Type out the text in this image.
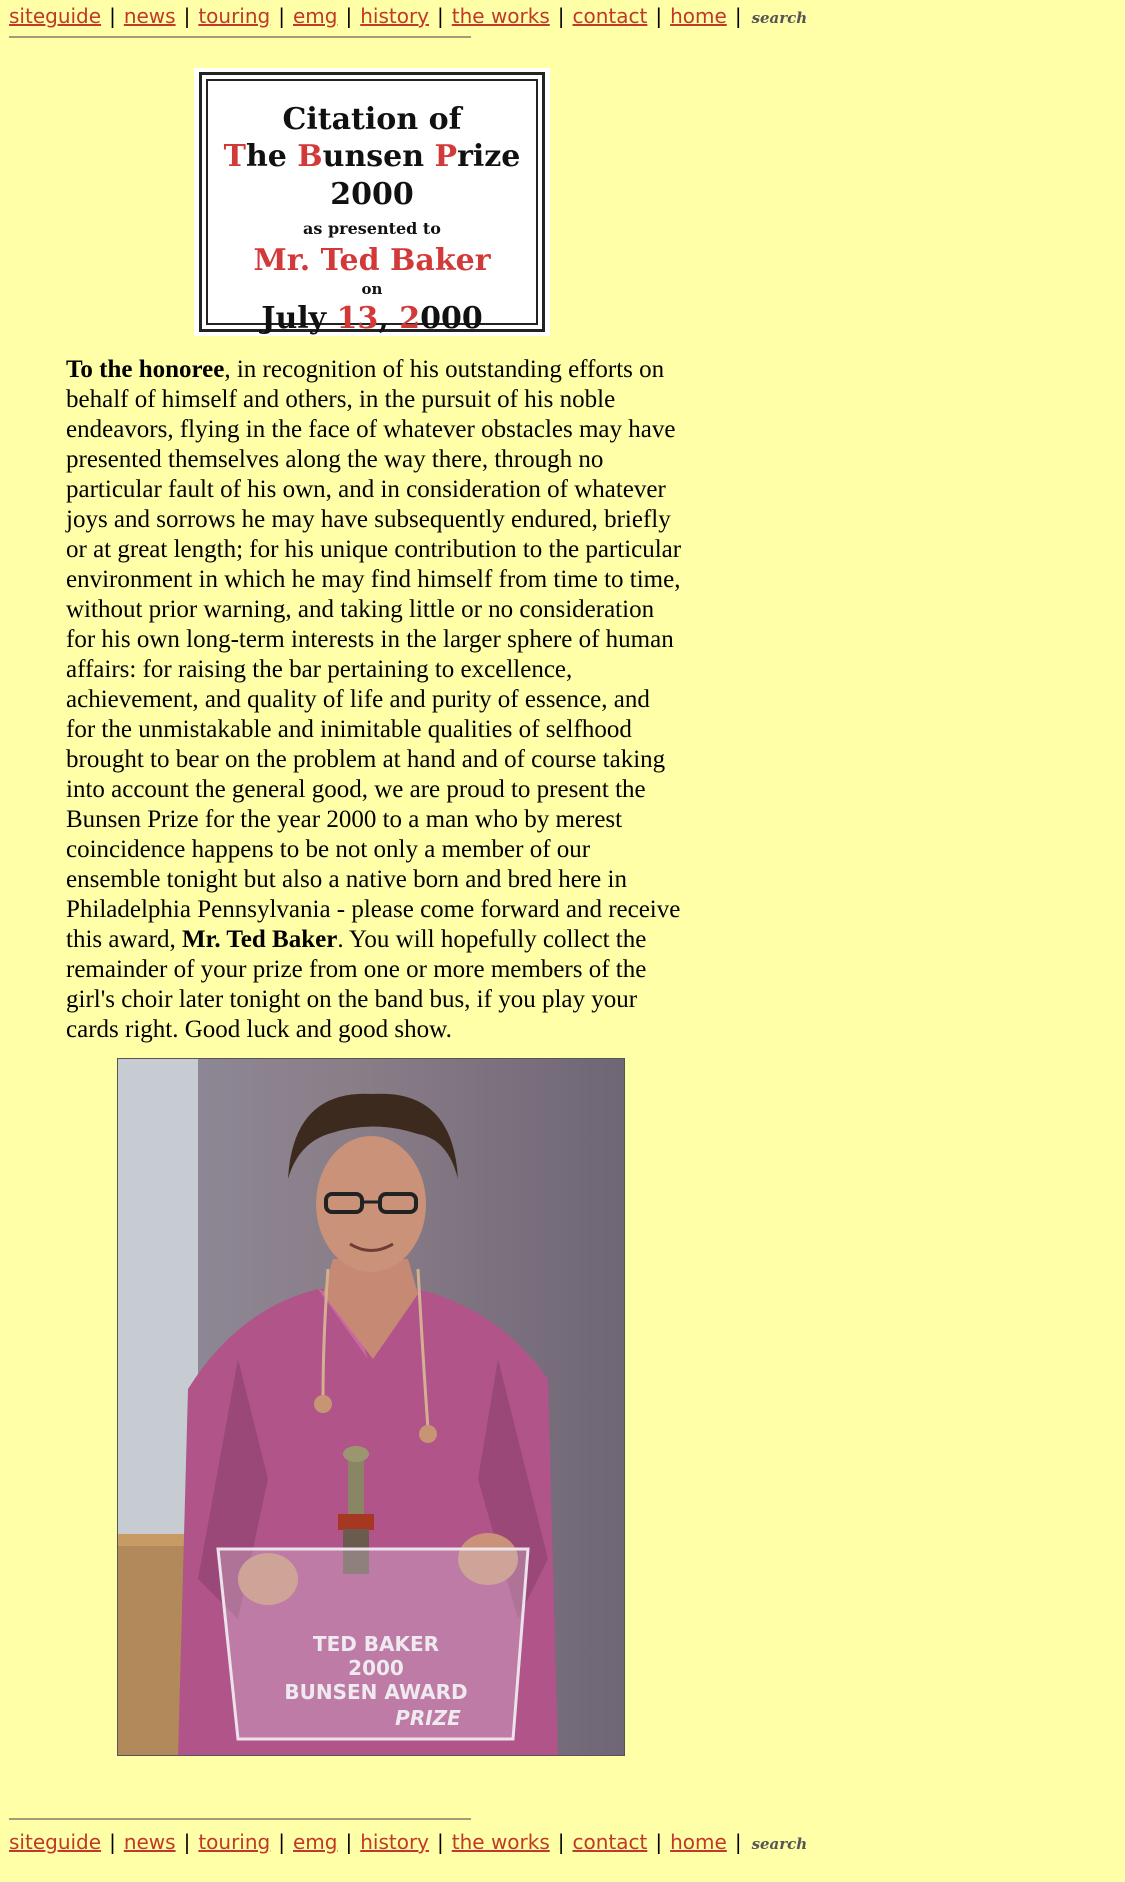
siteguide | news | touring | emg | history | the works | contact | home | search
Citation of
The Bunsen Prize 2000
as presented to
Mr. Ted Baker
on
July 13, 2000
To the honoree, in recognition of his outstanding efforts on behalf of himself and others, in the pursuit of his noble endeavors, flying in the face of whatever obstacles may have presented themselves along the way there, through no particular fault of his own, and in consideration of whatever joys and sorrows he may have subsequently endured, briefly or at great length; for his unique contribution to the particular environment in which he may find himself from time to time, without prior warning, and taking little or no consideration for his own long-term interests in the larger sphere of human affairs: for raising the bar pertaining to excellence, achievement, and quality of life and purity of essence, and for the unmistakable and inimitable qualities of selfhood brought to bear on the problem at hand and of course taking into account the general good, we are proud to present the Bunsen Prize for the year 2000 to a man who by merest coincidence happens to be not only a member of our ensemble tonight but also a native born and bred here in Philadelphia Pennsylvania - please come forward and receive this award, Mr. Ted Baker. You will hopefully collect the remainder of your prize from one or more members of the girl's choir later tonight on the band bus, if you play your cards right. Good luck and good show.
TED BAKER
2000
BUNSEN AWARD
PRIZE
siteguide | news | touring | emg | history | the works | contact | home | search
